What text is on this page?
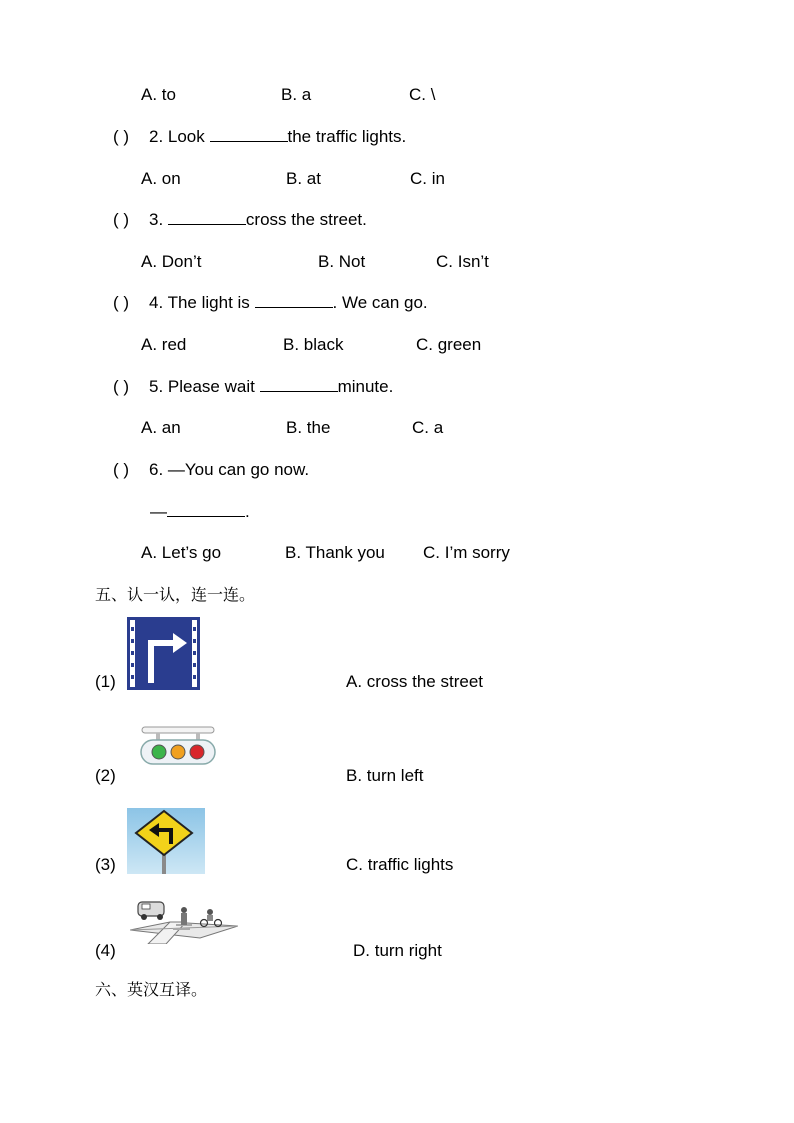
A. to	B. a	C. \
( ) 2. Look	the traffic lights.
A. on	B. at	C. in
( ) 3.	cross the street.
A. Don’t	B. Not	C. Isn’t
( ) 4. The light is	. We can go.
A. red	B. black	C. green
( ) 5. Please wait	minute.
A. an	B. the	C. a
( ) 6. —You can go now.
—	.
A. Let’s go	B. Thank you C. I’m sorry
五、认一认，连一连。
(1)	A. cross the street
(2)	B. turn left
(3)	C. traffic lights
(4)	D. turn right
六、英汉互译。
